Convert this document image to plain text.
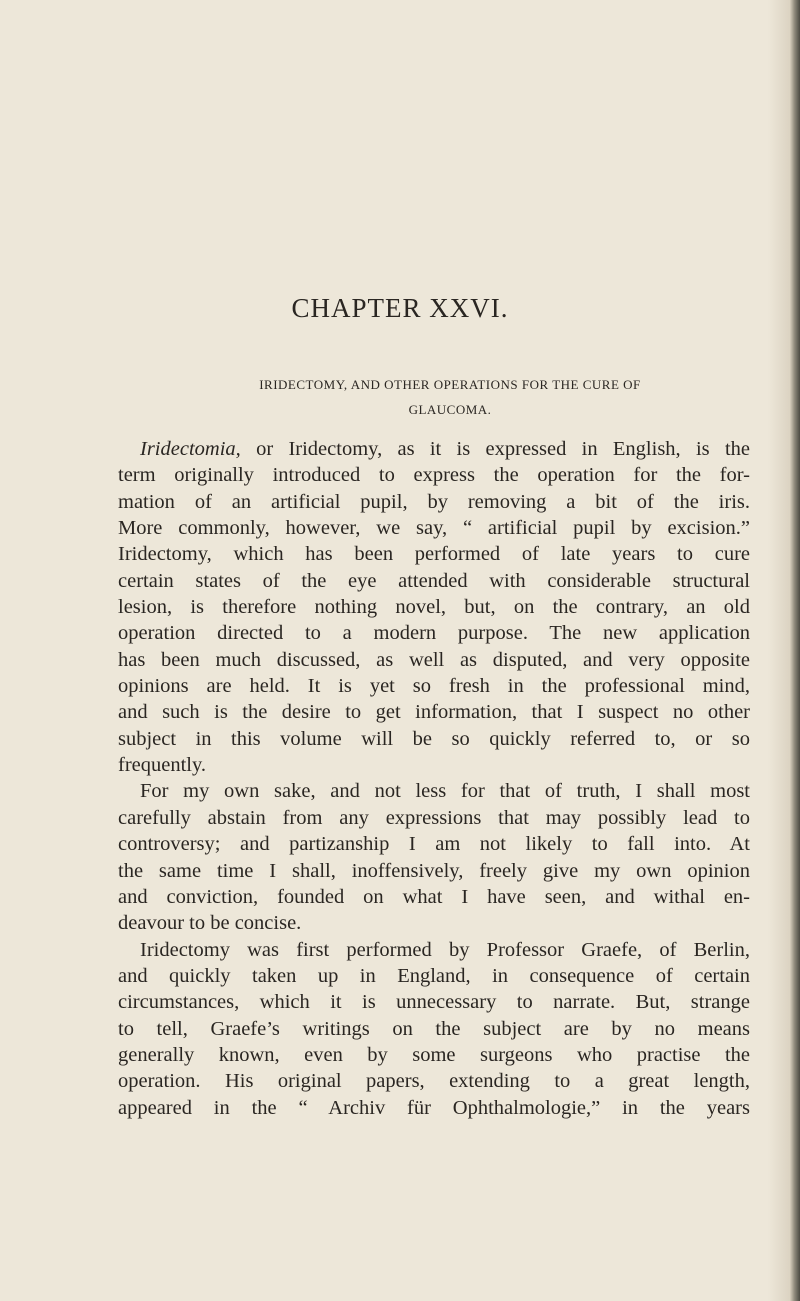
CHAPTER XXVI.
IRIDECTOMY, AND OTHER OPERATIONS FOR THE CURE OF
GLAUCOMA.
Iridectomia, or Iridectomy, as it is expressed in English, is the
term originally introduced to express the operation for the for-
mation of an artificial pupil, by removing a bit of the iris.
More commonly, however, we say, “ artificial pupil by excision.”
Iridectomy, which has been performed of late years to cure
certain states of the eye attended with considerable structural
lesion, is therefore nothing novel, but, on the contrary, an old
operation directed to a modern purpose. The new application
has been much discussed, as well as disputed, and very opposite
opinions are held. It is yet so fresh in the professional mind,
and such is the desire to get information, that I suspect no other
subject in this volume will be so quickly referred to, or so
frequently.
For my own sake, and not less for that of truth, I shall most
carefully abstain from any expressions that may possibly lead to
controversy; and partizanship I am not likely to fall into. At
the same time I shall, inoffensively, freely give my own opinion
and conviction, founded on what I have seen, and withal en-
deavour to be concise.
Iridectomy was first performed by Professor Graefe, of Berlin,
and quickly taken up in England, in consequence of certain
circumstances, which it is unnecessary to narrate. But, strange
to tell, Graefe’s writings on the subject are by no means
generally known, even by some surgeons who practise the
operation. His original papers, extending to a great length,
appeared in the “ Archiv für Ophthalmologie,” in the years
